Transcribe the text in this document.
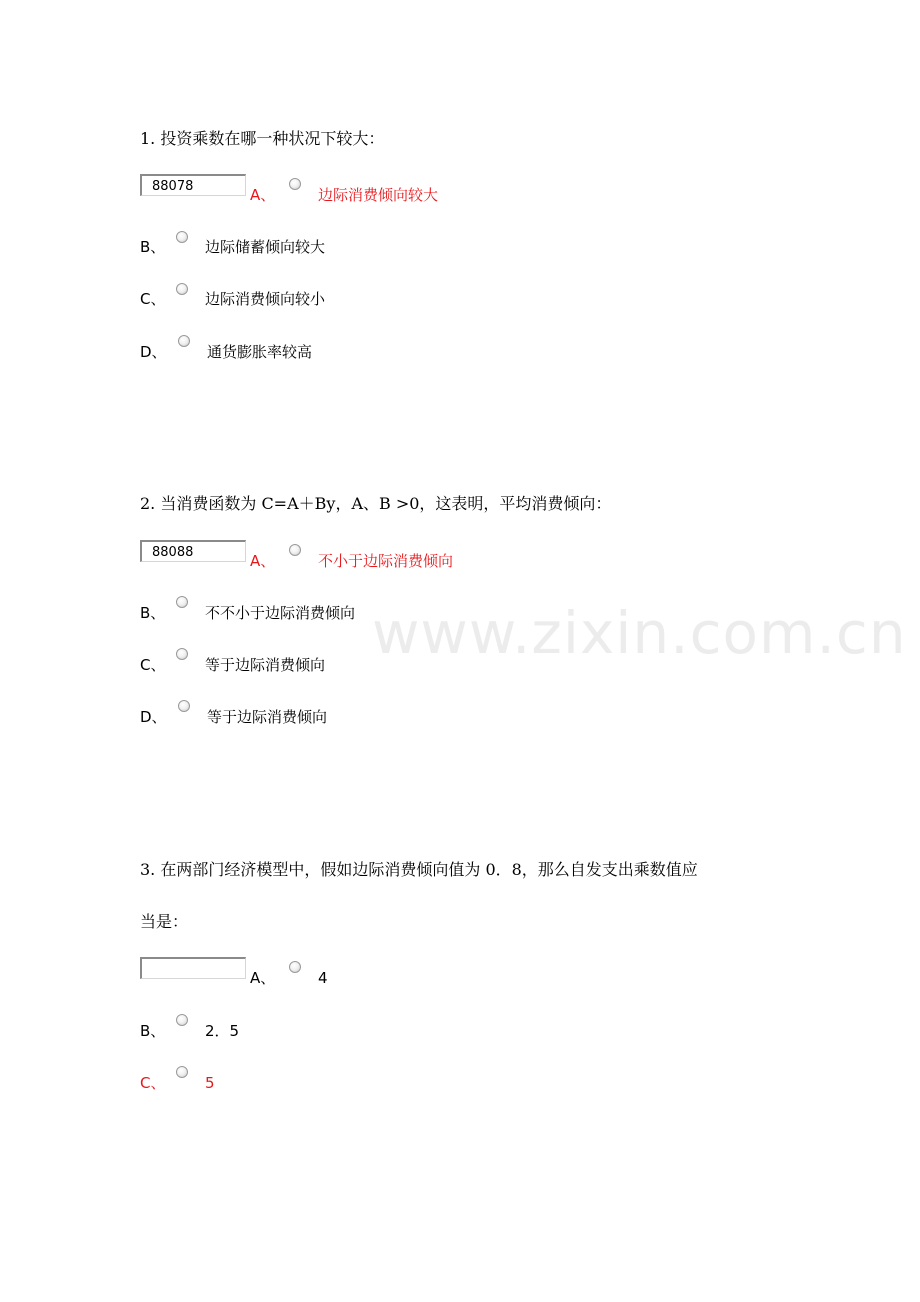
www.zixin.com.cn
1. 投资乘数在哪一种状况下较大：
88078	A、	边际消费倾向较大
B、	边际储蓄倾向较大
C、	边际消费倾向较小
D、	通货膨胀率较高
2. 当消费函数为 C=A＋By，A、B >0，这表明，平均消费倾向：
88088	A、	不小于边际消费倾向
B、	不不小于边际消费倾向
C、	等于边际消费倾向
D、	等于边际消费倾向
3. 在两部门经济模型中，假如边际消费倾向值为 0．8，那么自发支出乘数值应
当是：
A、	4
B、	2．5
C、	5
